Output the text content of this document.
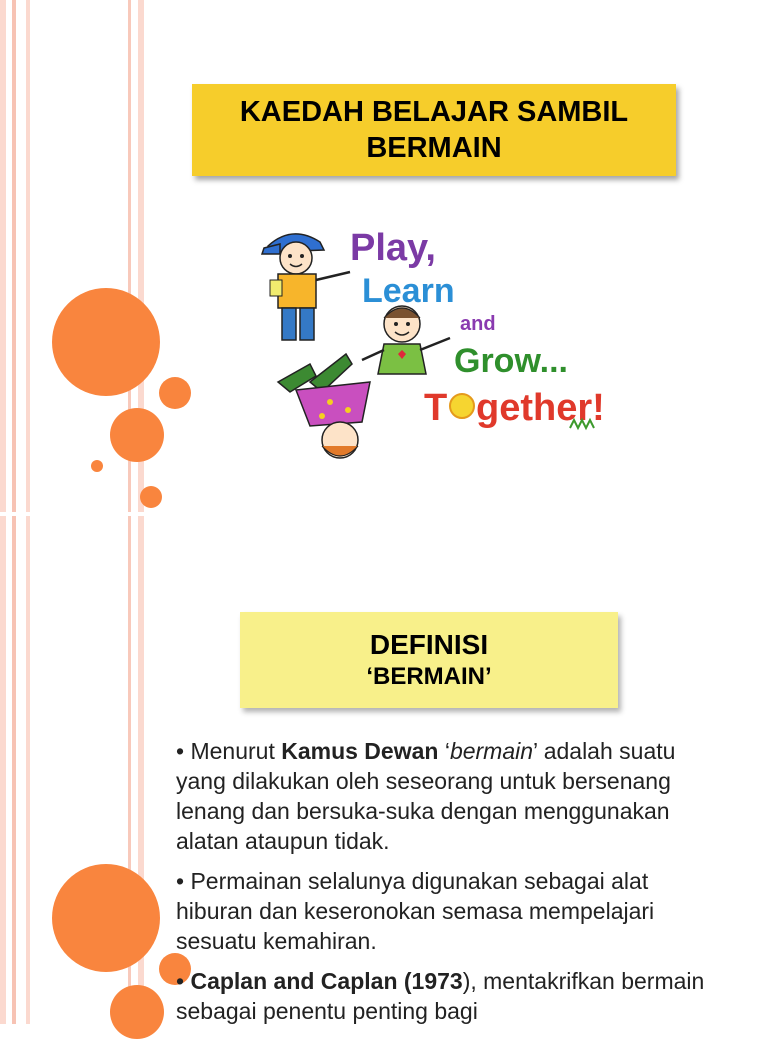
KAEDAH BELAJAR SAMBIL
BERMAIN
Play,
Learn
and
Grow...
T gether!
DEFINISI
‘BERMAIN’

• Menurut Kamus Dewan ‘bermain’ adalah suatu yang dilakukan oleh seseorang untuk bersenang lenang dan bersuka-suka dengan menggunakan alatan ataupun tidak.

• Permainan selalunya digunakan sebagai alat hiburan dan keseronokan semasa mempelajari sesuatu kemahiran.

• Caplan and Caplan (1973), mentakrifkan bermain sebagai penentu penting bagi
